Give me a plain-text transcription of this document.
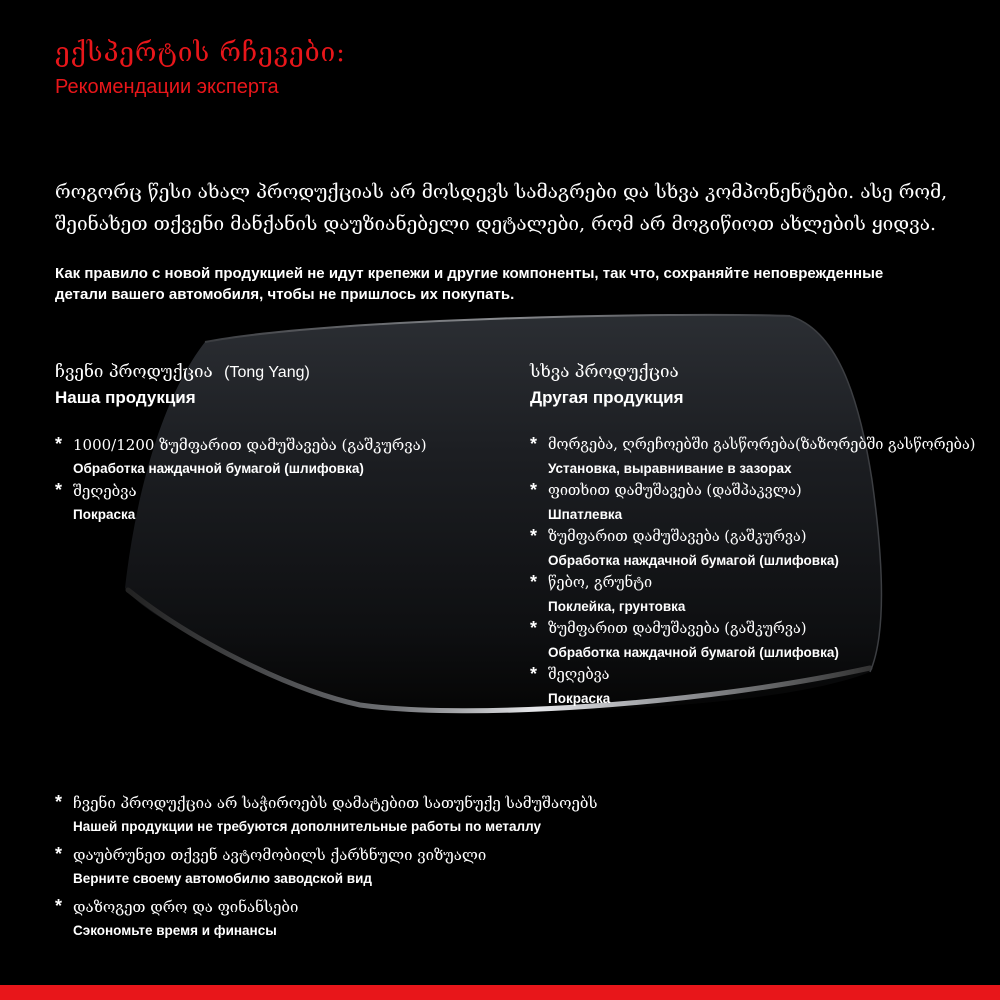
ექსპერტის რჩევები:
Рекомендации эксперта
როგორც წესი ახალ პროდუქციას არ მოსდევს სამაგრები და სხვა კომპონენტები. ასე რომ, შეინახეთ თქვენი მანქანის დაუზიანებელი დეტალები, რომ არ მოგიწიოთ ახლების ყიდვა.
Как правило с новой продукцией не идут крепежи и другие компоненты, так что, сохраняйте неповрежденные детали вашего автомобиля, чтобы не пришлось их покупать.
ჩვენი პროდუქცია (Tong Yang)
Наша продукция
* 1000/1200 ზუმფარით დამუშავება (გაშკურვა)
Обработка наждачной бумагой (шлифовка)
* შეღებვა
Покраска
სხვა პროდუქცია
Другая продукция
* მორგება, ღრეჩოებში გასწორება(ზაზორებში გასწორება)
Установка, выравнивание в зазорах
* ფითხით დამუშავება (დაშპაკვლა)
Шпатлевка
* ზუმფარით დამუშავება (გაშკურვა)
Обработка наждачной бумагой (шлифовка)
* წებო, გრუნტი
Поклейка, грунтовка
* ზუმფარით დამუშავება (გაშკურვა)
Обработка наждачной бумагой (шлифовка)
* შეღებვა
Покраска
* ჩვენი პროდუქცია არ საჭიროებს დამატებით სათუნუქე სამუშაოებს
Нашей продукции не требуются дополнительные работы по металлу
* დაუბრუნეთ თქვენ ავტომობილს ქარხნული ვიზუალი
Верните своему автомобилю заводской вид
* დაზოგეთ დრო და ფინანსები
Сэкономьте время и финансы
